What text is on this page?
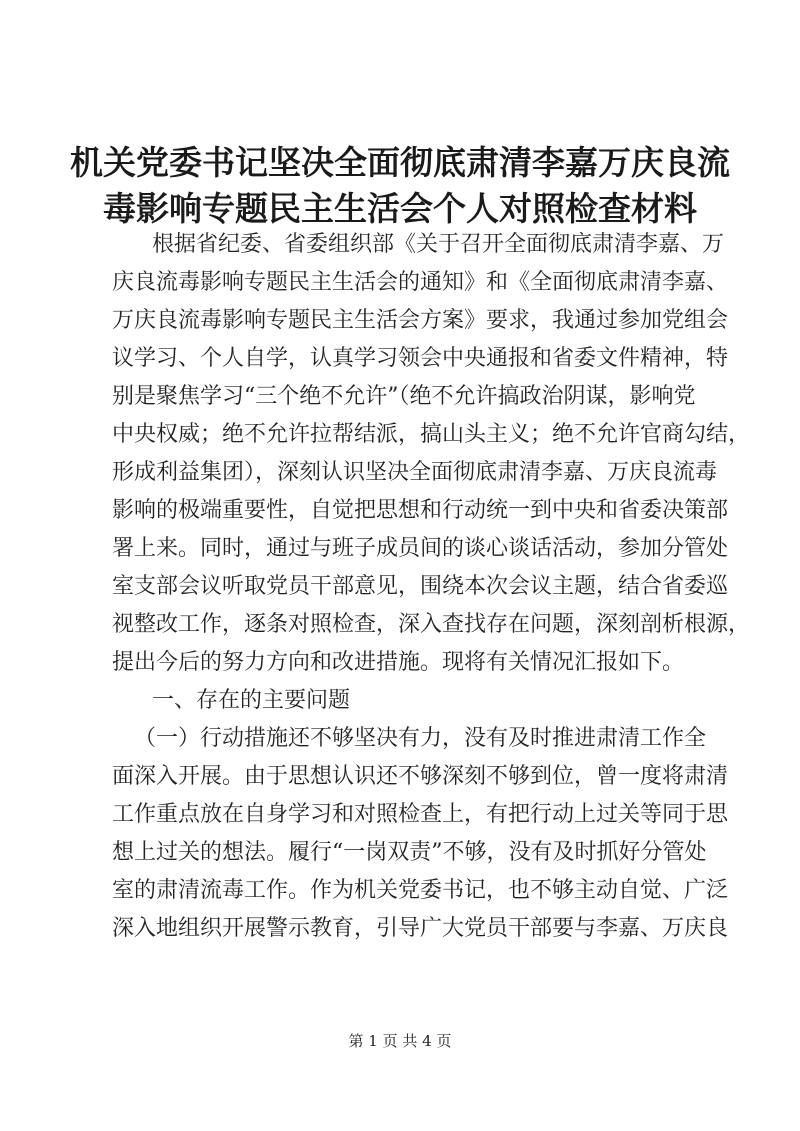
机关党委书记坚决全面彻底肃清李嘉万庆良流
毒影响专题民主生活会个人对照检查材料
根据省纪委、省委组织部《关于召开全面彻底肃清李嘉、万
庆良流毒影响专题民主生活会的通知》和《全面彻底肃清李嘉、
万庆良流毒影响专题民主生活会方案》要求，我通过参加党组会
议学习、个人自学，认真学习领会中央通报和省委文件精神，特
别是聚焦学习“三个绝不允许”（绝不允许搞政治阴谋，影响党
中央权威；绝不允许拉帮结派，搞山头主义；绝不允许官商勾结，
形成利益集团），深刻认识坚决全面彻底肃清李嘉、万庆良流毒
影响的极端重要性，自觉把思想和行动统一到中央和省委决策部
署上来。同时，通过与班子成员间的谈心谈话活动，参加分管处
室支部会议听取党员干部意见，围绕本次会议主题，结合省委巡
视整改工作，逐条对照检查，深入查找存在问题，深刻剖析根源，
提出今后的努力方向和改进措施。现将有关情况汇报如下。
一、存在的主要问题
（一）行动措施还不够坚决有力，没有及时推进肃清工作全
面深入开展。由于思想认识还不够深刻不够到位，曾一度将肃清
工作重点放在自身学习和对照检查上，有把行动上过关等同于思
想上过关的想法。履行“一岗双责”不够，没有及时抓好分管处
室的肃清流毒工作。作为机关党委书记，也不够主动自觉、广泛
深入地组织开展警示教育，引导广大党员干部要与李嘉、万庆良
第 1 页 共 4 页
